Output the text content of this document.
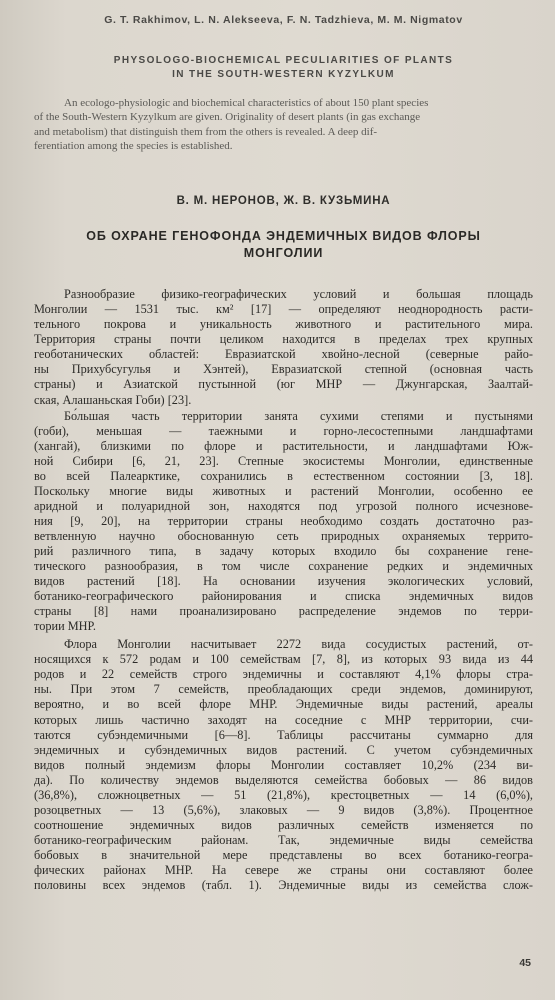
G. T. Rakhimov, L. N. Alekseeva, F. N. Tadzhieva, M. M. Nigmatov
PHYSOLOGO-BIOCHEMICAL PECULIARITIES OF PLANTS
IN THE SOUTH-WESTERN KYZYLKUM
An ecologo-physiologic and biochemical characteristics of about 150 plant species
of the South-Western Kyzylkum are given. Originality of desert plants (in gas exchange
and metabolism) that distinguish them from the others is revealed. A deep dif-
ferentiation among the species is established.
В. М. НЕРОНОВ, Ж. В. КУЗЬМИНА
ОБ ОХРАНЕ ГЕНОФОНДА ЭНДЕМИЧНЫХ ВИДОВ ФЛОРЫ
МОНГОЛИИ
Разнообразие физико-географических условий и большая площадь
Монголии — 1531 тыс. км² [17] — определяют неоднородность расти-
тельного покрова и уникальность животного и растительного мира.
Территория страны почти целиком находится в пределах трех крупных
геоботанических областей: Евразиатской хвойно-лесной (северные райо-
ны Прихубсугулья и Хэнтей), Евразиатской степной (основная часть
страны) и Азиатской пустынной (юг МНР — Джунгарская, Заалтай-
ская, Алашаньская Гоби) [23].
Бо́льшая часть территории занята сухими степями и пустынями
(гоби), меньшая — таежными и горно-лесостепными ландшафтами
(хангай), близкими по флоре и растительности, и ландшафтами Юж-
ной Сибири [6, 21, 23]. Степные экосистемы Монголии, единственные
во всей Палеарктике, сохранились в естественном состоянии [3, 18].
Поскольку многие виды животных и растений Монголии, особенно ее
аридной и полуаридной зон, находятся под угрозой полного исчезнове-
ния [9, 20], на территории страны необходимо создать достаточно раз-
ветвленную научно обоснованную сеть природных охраняемых террито-
рий различного типа, в задачу которых входило бы сохранение генe-
тического разнообразия, в том числе сохранение редких и эндемичных
видов растений [18]. На основании изучения экологических условий,
ботанико-географического районирования и списка эндемичных видов
страны [8] нами проанализировано распределение эндемов по терри-
тории МНР.
Флора Монголии насчитывает 2272 вида сосудистых растений, от-
носящихся к 572 родам и 100 семействам [7, 8], из которых 93 вида из 44
родов и 22 семейств строго эндемичны и составляют 4,1% флоры стра-
ны. При этом 7 семейств, преобладающих среди эндемов, доминируют,
вероятно, и во всей флоре МНР. Эндемичные виды растений, ареалы
которых лишь частично заходят на соседние с МНР территории, счи-
таются субэндемичными [6—8]. Таблицы рассчитаны суммарно для
эндемичных и субэндемичных видов растений. С учетом субэндемичных
видов полный эндемизм флоры Монголии составляет 10,2% (234 ви-
да). По количеству эндемов выделяются семейства бобовых — 86 видов
(36,8%), сложноцветных — 51 (21,8%), крестоцветных — 14 (6,0%),
розоцветных — 13 (5,6%), злаковых — 9 видов (3,8%). Процентное
соотношение эндемичных видов различных семейств изменяется по
ботанико-географическим районам. Так, эндемичные виды семейства
бобовых в значительной мере представлены во всех ботанико-геогра-
фических районах МНР. На севере же страны они составляют более
половины всех эндемов (табл. 1). Эндемичные виды из семейства слож-
45
